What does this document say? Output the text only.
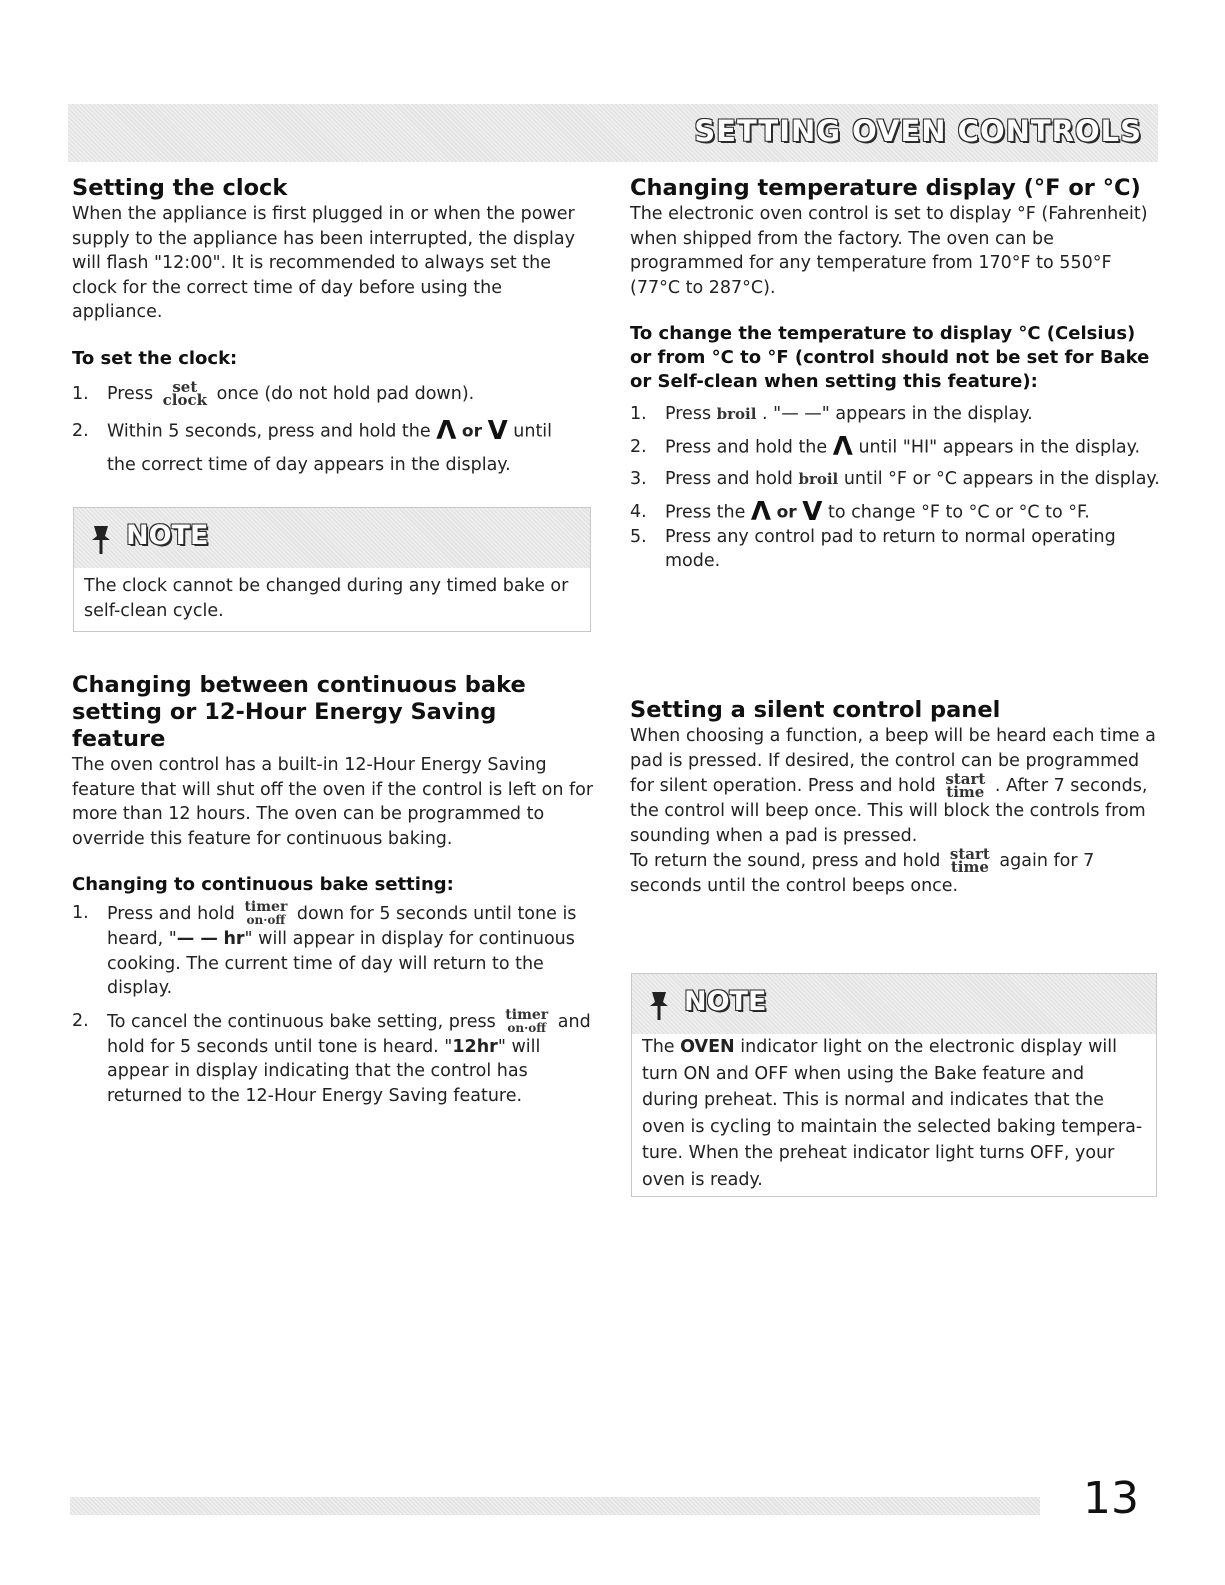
SETTING OVEN CONTROLS
Setting the clock

When the appliance is first plugged in or when the power supply to the appliance has been interrupted, the display will flash "12:00". It is recommended to always set the clock for the correct time of day before using the appliance.

To set the clock:
1. Press	set
clock once (do not hold pad down).
2. Within 5 seconds, press and hold the Λ or V until
the correct time of day appears in the display.
NOTE
The clock cannot be changed during any timed bake or self-clean cycle.
Changing between continuous bake setting or 12-Hour Energy Saving feature

The oven control has a built-in 12-Hour Energy Saving feature that will shut off the oven if the control is left on for more than 12 hours. The oven can be programmed to override this feature for continuous baking.

Changing to continuous bake setting:
1. Press and hold timer
on·off down for 5 seconds until tone is heard, "— — hr" will appear in display for continuous cooking. The current time of day will return to the display.
2. To cancel the continuous bake setting, press timer
on·off and hold for 5 seconds until tone is heard. "12hr" will appear in display indicating that the control has returned to the 12-Hour Energy Saving feature.
Changing temperature display (°F or °C)

The electronic oven control is set to display °F (Fahrenheit) when shipped from the factory. The oven can be programmed for any temperature from 170°F to 550°F (77°C to 287°C).

To change the temperature to display °C (Celsius) or from °C to °F (control should not be set for Bake or Self-clean when setting this feature):
1. Press broil . "— —" appears in the display.
2. Press and hold the Λ until "HI" appears in the display.
3. Press and hold broil until °F or °C appears in the display.
4. Press the Λ or V to change °F to °C or °C to °F.
5. Press any control pad to return to normal operating mode.
Setting a silent control panel

When choosing a function, a beep will be heard each time a pad is pressed. If desired, the control can be programmed for silent operation. Press and hold start
time . After 7 seconds, the control will beep once. This will block the controls from sounding when a pad is pressed.

To return the sound, press and hold start
time again for 7 seconds until the control beeps once.

NOTE
The OVEN indicator light on the electronic display will turn ON and OFF when using the Bake feature and during preheat. This is normal and indicates that the oven is cycling to maintain the selected baking tempera-ture. When the preheat indicator light turns OFF, your oven is ready.
13
